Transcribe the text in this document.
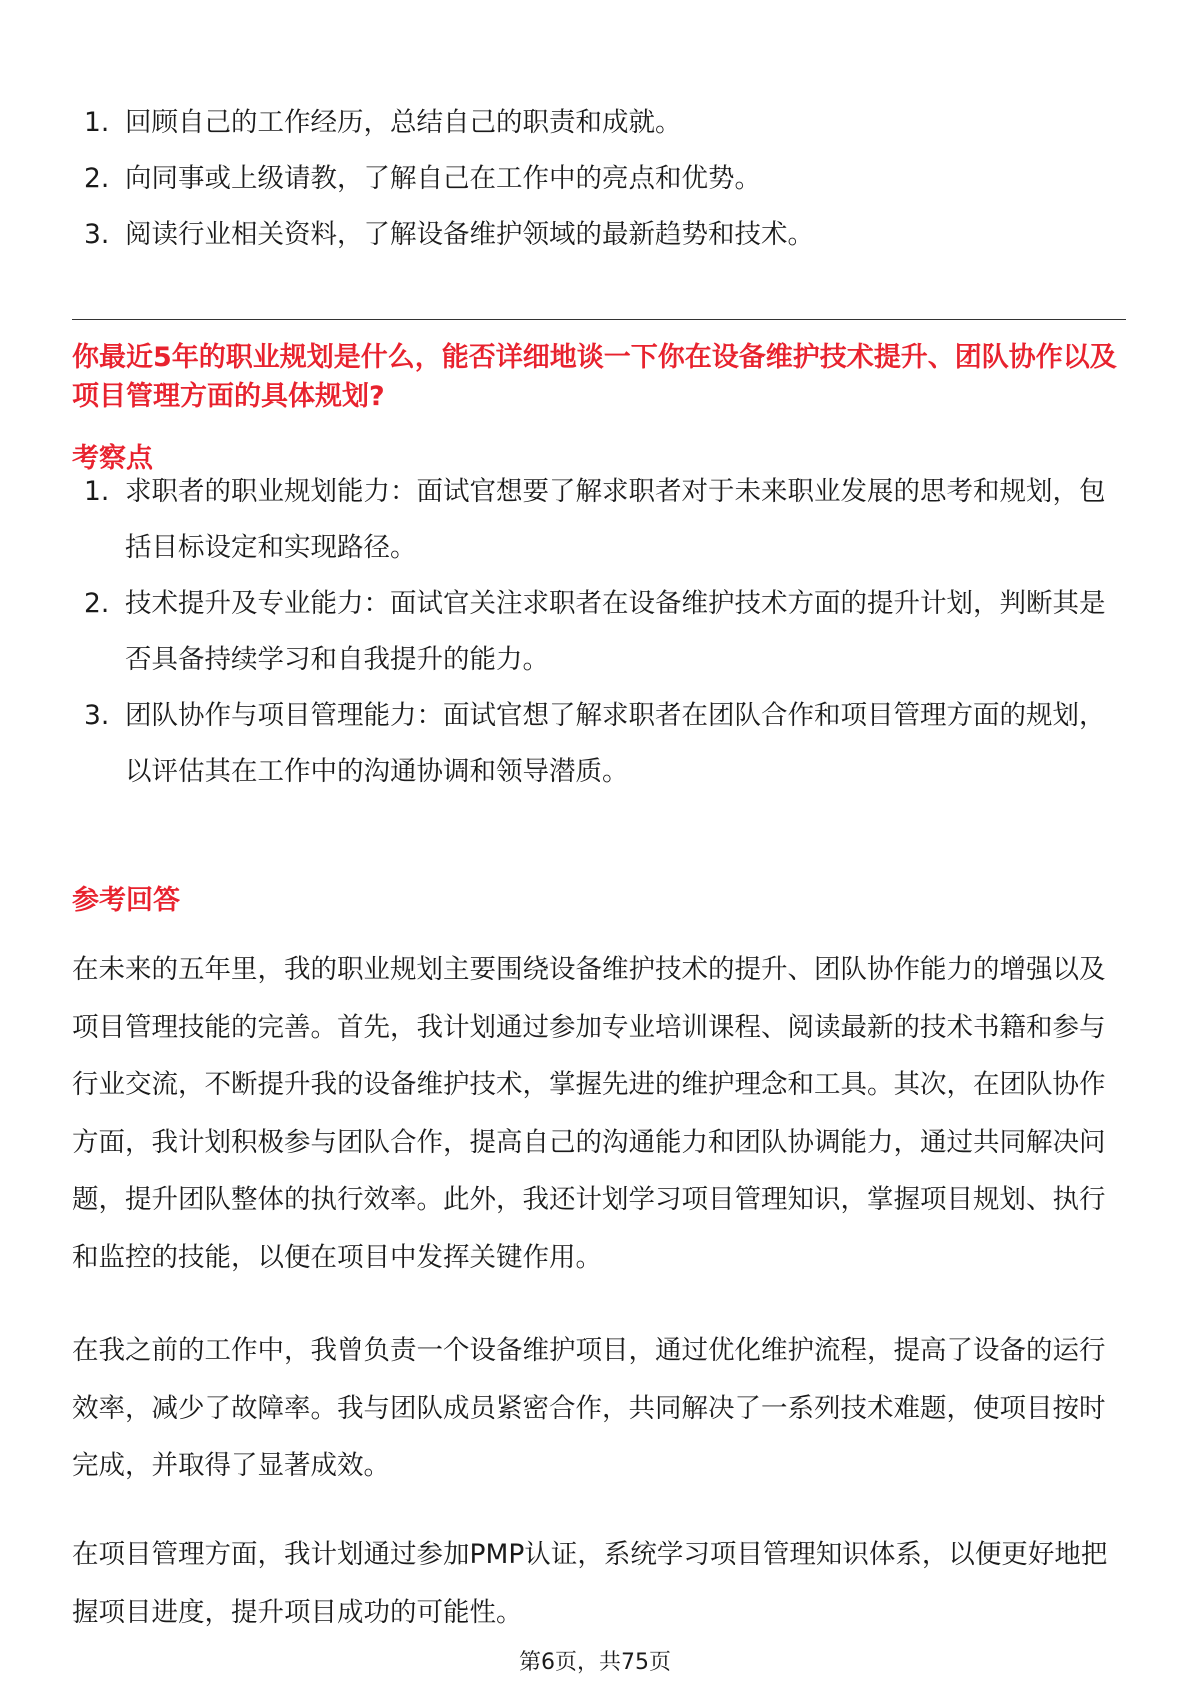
1. 回顾自己的工作经历，总结自己的职责和成就。
2. 向同事或上级请教，了解自己在工作中的亮点和优势。
3. 阅读行业相关资料，了解设备维护领域的最新趋势和技术。
你最近5年的职业规划是什么，能否详细地谈一下你在设备维护技术提升、团队协作以及项目管理方面的具体规划?
考察点
1. 求职者的职业规划能力：面试官想要了解求职者对于未来职业发展的思考和规划，包括目标设定和实现路径。
2. 技术提升及专业能力：面试官关注求职者在设备维护技术方面的提升计划，判断其是否具备持续学习和自我提升的能力。
3. 团队协作与项目管理能力：面试官想了解求职者在团队合作和项目管理方面的规划，以评估其在工作中的沟通协调和领导潜质。
参考回答

在未来的五年里，我的职业规划主要围绕设备维护技术的提升、团队协作能力的增强以及项目管理技能的完善。首先，我计划通过参加专业培训课程、阅读最新的技术书籍和参与行业交流，不断提升我的设备维护技术，掌握先进的维护理念和工具。其次，在团队协作方面，我计划积极参与团队合作，提高自己的沟通能力和团队协调能力，通过共同解决问题，提升团队整体的执行效率。此外，我还计划学习项目管理知识，掌握项目规划、执行和监控的技能，以便在项目中发挥关键作用。

在我之前的工作中，我曾负责一个设备维护项目，通过优化维护流程，提高了设备的运行效率，减少了故障率。我与团队成员紧密合作，共同解决了一系列技术难题，使项目按时完成，并取得了显著成效。

在项目管理方面，我计划通过参加PMP认证，系统学习项目管理知识体系，以便更好地把握项目进度，提升项目成功的可能性。

第6页，共75页
